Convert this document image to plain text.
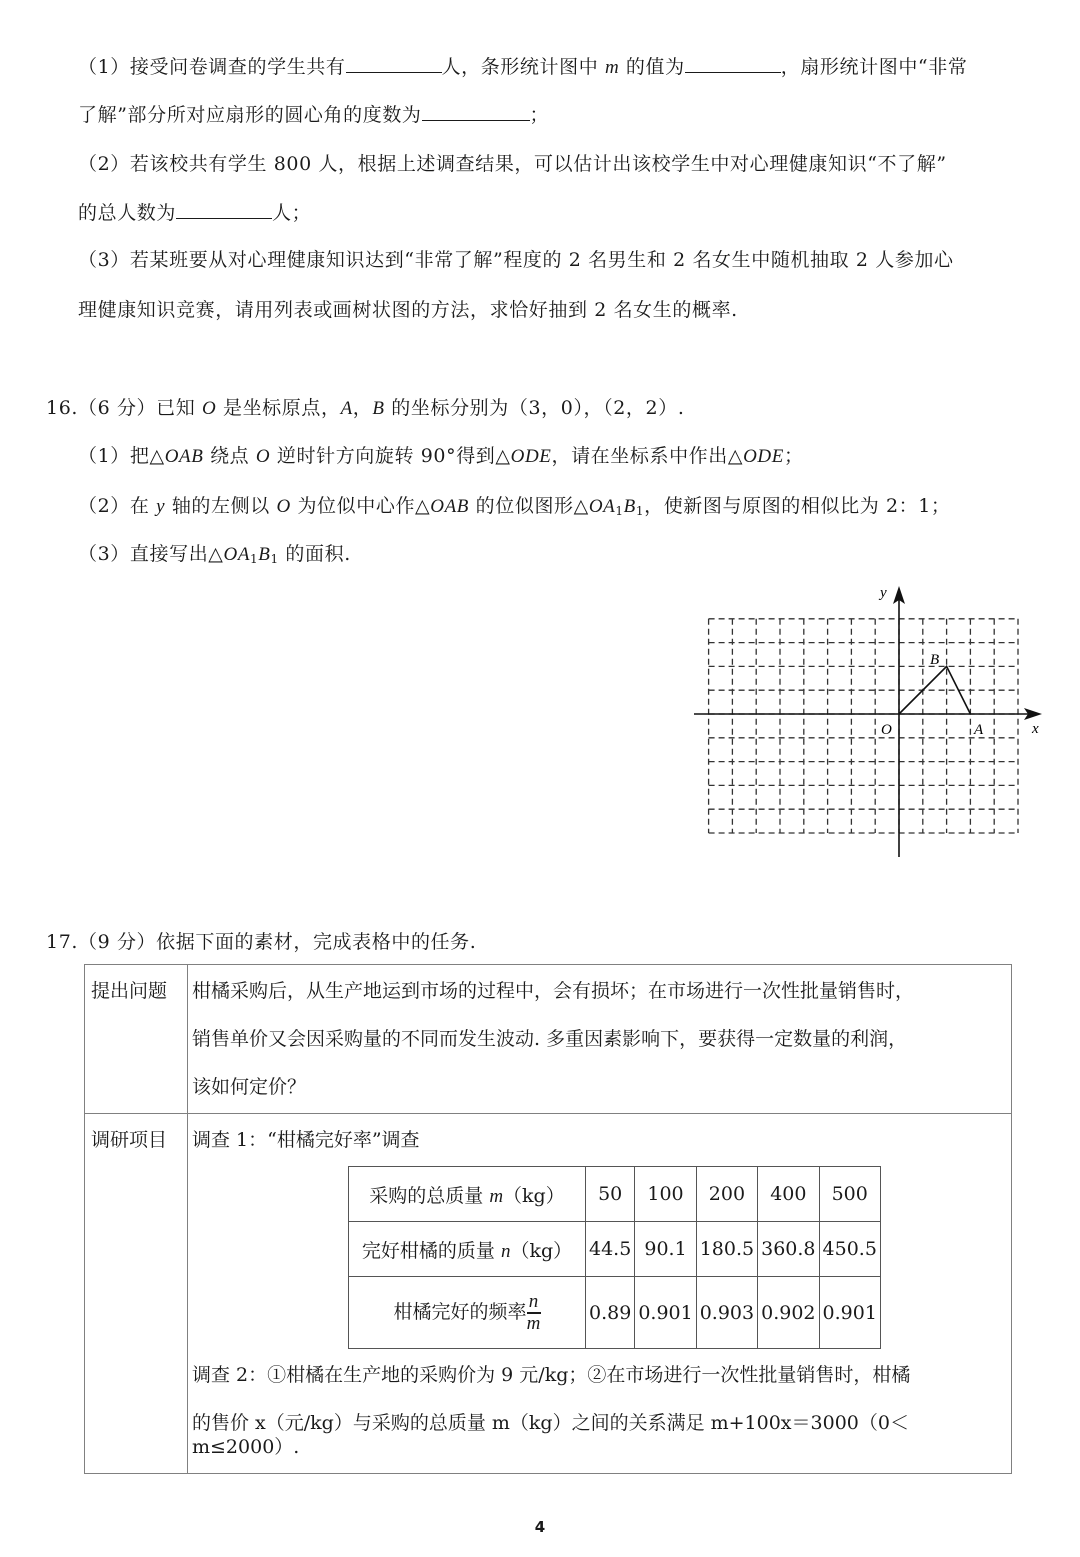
（1）接受问卷调查的学生共有	人，条形统计图中 m 的值为	，扇形统计图中“非常
了解”部分所对应扇形的圆心角的度数为	；
（2）若该校共有学生 800 人，根据上述调查结果，可以估计出该校学生中对心理健康知识“不了解”
的总人数为	人；
（3）若某班要从对心理健康知识达到“非常了解”程度的 2 名男生和 2 名女生中随机抽取 2 人参加心
理健康知识竞赛，请用列表或画树状图的方法，求恰好抽到 2 名女生的概率.
16.（6 分）已知 O 是坐标原点，A，B 的坐标分别为（3，0），（2，2）.
（1）把△OAB 绕点 O 逆时针方向旋转 90°得到△ODE，请在坐标系中作出△ODE；
（2）在 y 轴的左侧以 O 为位似中心作△OAB 的位似图形$\triangle OA_1B_1$，使新图与原图的相似比为 2：1；
（3）直接写出$\triangle OA_1B_1$ 的面积.
y
x
O	A
B
17.（9 分）依据下面的素材，完成表格中的任务.
提出问题	柑橘采购后，从生产地运到市场的过程中，会有损坏；在市场进行一次性批量销售时，
销售单价又会因采购量的不同而发生波动. 多重因素影响下，要获得一定数量的利润，
该如何定价？

调研项目	调查 1：“柑橘完好率”调查
采购的总质量 m（kg）	50	100	200	400	500
完好柑橘的质量 n（kg）	44.5	90.1	180.5	360.8	450.5
柑橘完好的频率 $\frac{n}{m}$	0.89	0.901	0.903	0.902	0.901
调查 2：①柑橘在生产地的采购价为 9 元/kg；②在市场进行一次性批量销售时，柑橘
的售价 x（元/kg）与采购的总质量 m（kg）之间的关系满足 m+100x＝3000（0＜m≤2000）.
4
